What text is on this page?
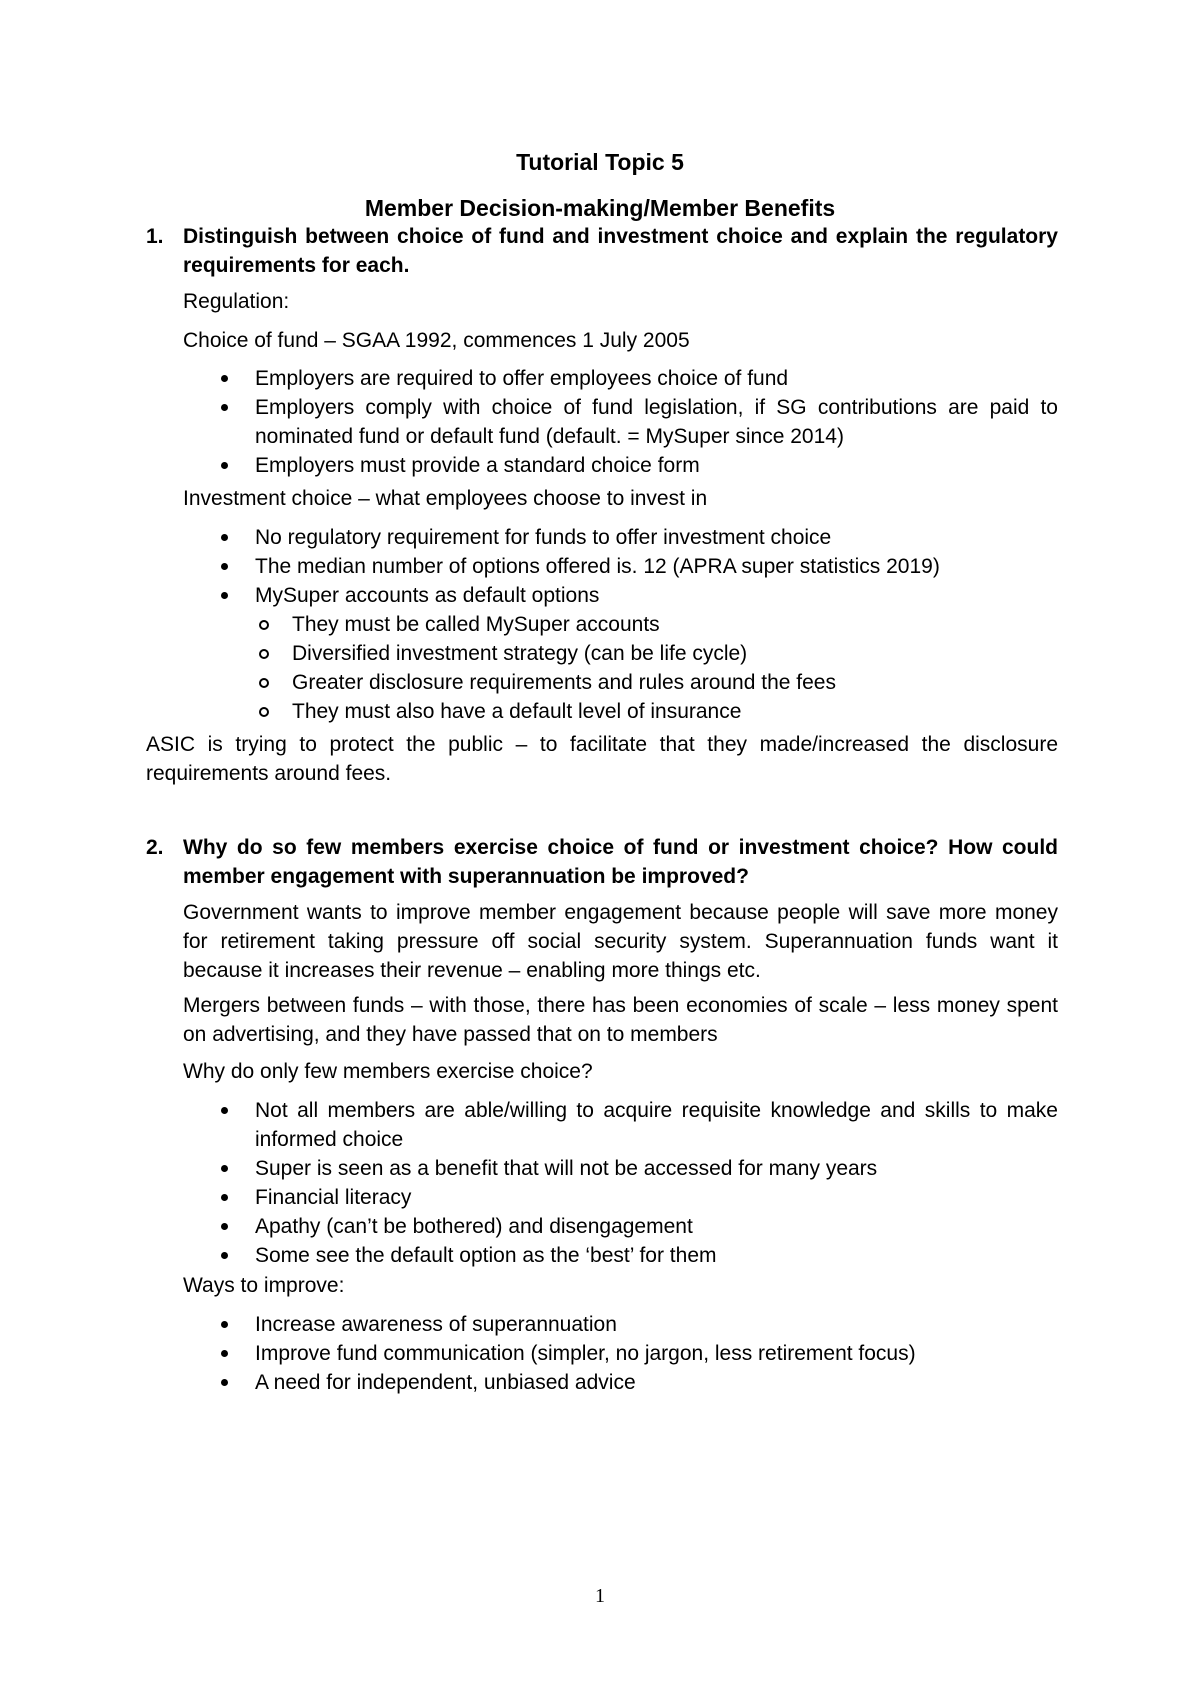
Tutorial Topic 5
Member Decision-making/Member Benefits
1. Distinguish between choice of fund and investment choice and explain the regulatory requirements for each.
Regulation:
Choice of fund – SGAA 1992, commences 1 July 2005
Employers are required to offer employees choice of fund
Employers comply with choice of fund legislation, if SG contributions are paid to nominated fund or default fund (default. = MySuper since 2014)
Employers must provide a standard choice form
Investment choice – what employees choose to invest in
No regulatory requirement for funds to offer investment choice
The median number of options offered is. 12 (APRA super statistics 2019)
MySuper accounts as default options
They must be called MySuper accounts
Diversified investment strategy (can be life cycle)
Greater disclosure requirements and rules around the fees
They must also have a default level of insurance
ASIC is trying to protect the public – to facilitate that they made/increased the disclosure requirements around fees.
2. Why do so few members exercise choice of fund or investment choice? How could member engagement with superannuation be improved?
Government wants to improve member engagement because people will save more money for retirement taking pressure off social security system. Superannuation funds want it because it increases their revenue – enabling more things etc.
Mergers between funds – with those, there has been economies of scale – less money spent on advertising, and they have passed that on to members
Why do only few members exercise choice?
Not all members are able/willing to acquire requisite knowledge and skills to make informed choice
Super is seen as a benefit that will not be accessed for many years
Financial literacy
Apathy (can’t be bothered) and disengagement
Some see the default option as the ‘best’ for them
Ways to improve:
Increase awareness of superannuation
Improve fund communication (simpler, no jargon, less retirement focus)
A need for independent, unbiased advice
1
